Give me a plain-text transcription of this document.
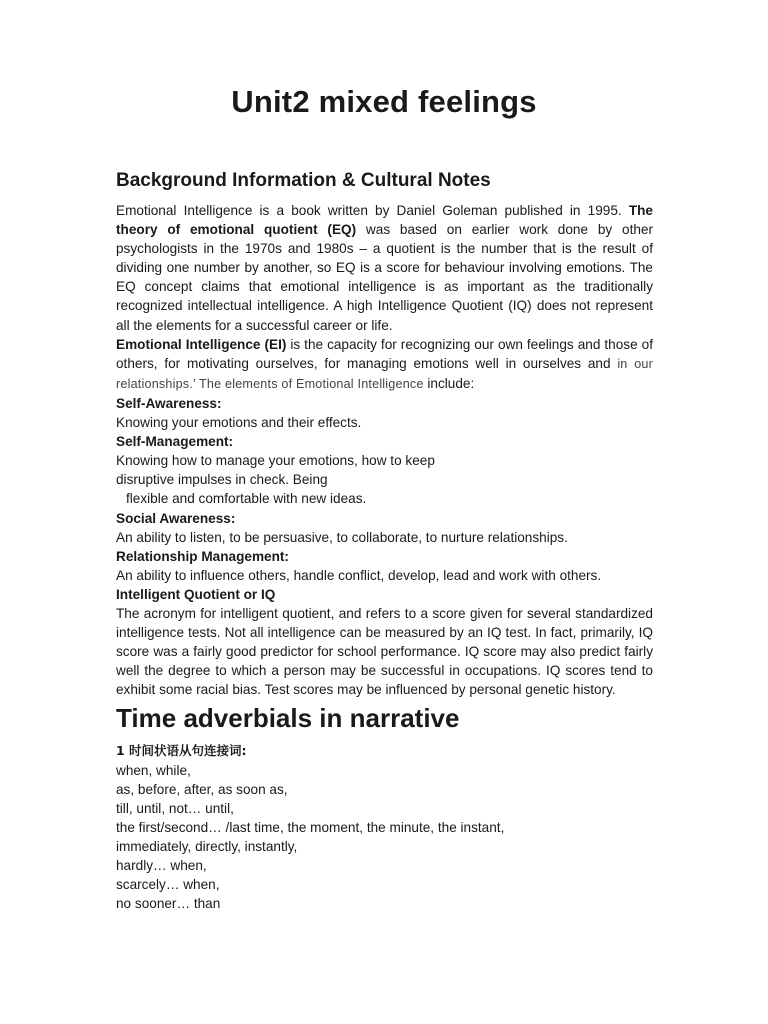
Unit2 mixed feelings
Background Information & Cultural Notes

Emotional Intelligence is a book written by Daniel Goleman published in 1995. The theory of emotional quotient (EQ) was based on earlier work done by other psychologists in the 1970s and 1980s – a quotient is the number that is the result of dividing one number by another, so EQ is a score for behaviour involving emotions. The EQ concept claims that emotional intelligence is as important as the traditionally recognized intellectual intelligence. A high Intelligence Quotient (IQ) does not represent all the elements for a successful career or life.

Emotional Intelligence (EI) is the capacity for recognizing our own feelings and those of others, for motivating ourselves, for managing emotions well in ourselves and in our relationships.’ The elements of Emotional Intelligence include:

Self-Awareness:

Knowing your emotions and their effects.

Self-Management:

Knowing how to manage your emotions, how to keep

disruptive impulses in check. Being

flexible and comfortable with new ideas.

Social Awareness:

An ability to listen, to be persuasive, to collaborate, to nurture relationships.

Relationship Management:

An ability to influence others, handle conflict, develop, lead and work with others.

Intelligent Quotient or IQ

The acronym for intelligent quotient, and refers to a score given for several standardized intelligence tests. Not all intelligence can be measured by an IQ test. In fact, primarily, IQ score was a fairly good predictor for school performance. IQ score may also predict fairly well the degree to which a person may be successful in occupations. IQ scores tend to exhibit some racial bias. Test scores may be influenced by personal genetic history.

Time adverbials in narrative

1 时间状语从句连接词:

when, while,

as, before, after, as soon as,

till, until, not… until,

the first/second… /last time, the moment, the minute, the instant,

immediately, directly, instantly,

hardly… when,

scarcely… when,

no sooner… than
